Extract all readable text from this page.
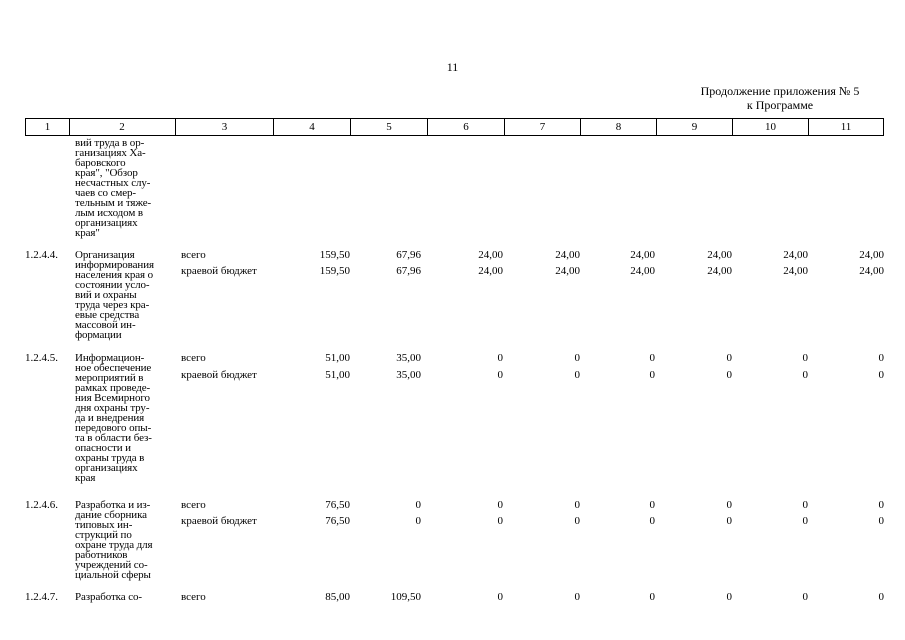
11
Продолжение приложения № 5
к Программе
1	2	3	4	5	6	7	8	9	10	11
вий труда в ор-
ганизациях Ха-
баровского
края", "Обзор
несчастных слу-
чаев со смер-
тельным и тяже-
лым исходом в
организациях
края"
1.2.4.4.	Организация
информирования
населения края о
состоянии усло-
вий и охраны
труда через кра-
евые средства
массовой ин-
формации
всего	159,50	67,96	24,00	24,00	24,00	24,00	24,00	24,00
краевой бюджет	159,50	67,96	24,00	24,00	24,00	24,00	24,00	24,00
1.2.4.5.	Информацион-
ное обеспечение
мероприятий в
рамках проведе-
ния Всемирного
дня охраны тру-
да и внедрения
передового опы-
та в области без-
опасности и
охраны труда в
организациях
края
всего	51,00	35,00	0	0	0	0	0	0
краевой бюджет	51,00	35,00	0	0	0	0	0	0
1.2.4.6.	Разработка и из-
дание сборника
типовых ин-
струкций по
охране труда для
работников
учреждений со-
циальной сферы
всего	76,50	0	0	0	0	0	0	0
краевой бюджет	76,50	0	0	0	0	0	0	0
1.2.4.7.	Разработка со-	всего	85,00	109,50	0	0	0	0	0	0
